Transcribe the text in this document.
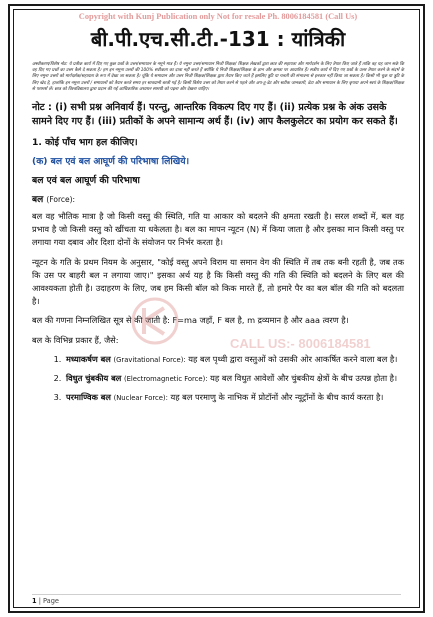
Copyright with Kunj Publication only Not for resale Ph. 8006184581 (Call Us)
बी.पी.एच.सी.टी.-131 : यांत्रिकी
अस्वीकरण/विशेष नोट: ये प्रतीक कार्य में दिए गए कुछ प्रश्नों के उत्तर/समाधान के नमूने मात्र हैं। ये नमूना उत्तर/समाधान निजी शिक्षक/ शिक्षक लेखकों द्वारा छात्र की सहायता और मार्गदर्शन के लिए तैयार किए जाते हैं ताकि वह यह जान सके कि वह दिए गए प्रश्नों का उत्तर कैसे दे सकता है। हम इन नमूना उत्तरों की 100% सटीकता का दावा नहीं करते हैं क्योंकि ये निजी शिक्षक/शिक्षक के ज्ञान और क्षमता पर आधारित हैं। सत्रीय कार्य में दिए गए प्रश्नों के उत्तर तैयार करने के संदर्भ के लिए नमूना उत्तरों को मार्गदर्शक/सहायता के रूप में देखा जा सकता है। चूंकि ये समाधान और उत्तर निजी शिक्षक/शिक्षक द्वारा तैयार किए जाते हैं इसलिए त्रुटि या गलती की संभावना से इनकार नहीं किया जा सकता है। किसी भी चूक या त्रुटि के लिए खेद है, हालांकि इन नमूना उत्तरों / समाधानों को तैयार करते समय हर सावधानी बरती गई है। किसी विशेष उत्तर को तैयार करने से पहले और अप-टू-डेट और सटीक जानकारी, डेटा और समाधान के लिए कृपया अपने स्वयं के शिक्षक/शिक्षक से परामर्श लें। छात्र को विश्वविद्यालय द्वारा प्रदान की गई आधिकारिक अध्ययन सामग्री को पढ़ना और देखना चाहिए।
नोट : (i) सभी प्रश्न अनिवार्य हैं। परन्तु, आन्तरिक विकल्प दिए गए हैं। (ii) प्रत्येक प्रश्न के अंक उसके सामने दिए गए हैं। (iii) प्रतीकों के अपने सामान्य अर्थ हैं। (iv) आप कैलकुलेटर का प्रयोग कर सकते हैं।
1. कोई पाँच भाग हल कीजिए।
(क) बल एवं बल आघूर्ण की परिभाषा लिखिये।
बल एवं बल आघूर्ण की परिभाषा
बल (Force):

बल वह भौतिक मात्रा है जो किसी वस्तु की स्थिति, गति या आकार को बदलने की क्षमता रखती है। सरल शब्दों में, बल वह प्रभाव है जो किसी वस्तु को खींचता या धकेलता है। बल का मापन न्यूटन (N) में किया जाता है और इसका मान किसी वस्तु पर लगाया गया दबाव और दिशा दोनों के संयोजन पर निर्भर करता है।

न्यूटन के गति के प्रथम नियम के अनुसार, "कोई वस्तु अपने विराम या समान वेग की स्थिति में तब तक बनी रहती है, जब तक कि उस पर बाहरी बल न लगाया जाए।" इसका अर्थ यह है कि किसी वस्तु की गति की स्थिति को बदलने के लिए बल की आवश्यकता होती है। उदाहरण के लिए, जब हम किसी बॉल को किक मारते हैं, तो हमारे पैर का बल बॉल की गति को बदलता है।

बल की गणना निम्नलिखित सूत्र से की जाती है: F=ma जहाँ, F बल है, m द्रव्यमान है और aaa त्वरण है।

बल के विभिन्न प्रकार हैं, जैसे:

1. मध्याकर्षण बल (Gravitational Force): यह बल पृथ्वी द्वारा वस्तुओं को उसकी ओर आकर्षित करने वाला बल है।
2. विधुत चुंबकीय बल (Electromagnetic Force): यह बल विधुत आवेशों और चुंबकीय क्षेत्रों के बीच उत्पन्न होता है।
3. परमाण्विक बल (Nuclear Force): यह बल परमाणु के नाभिक में प्रोटॉनों और न्यूट्रॉनों के बीच कार्य करता है।
CALL US:- 8006184581
1 | Page
